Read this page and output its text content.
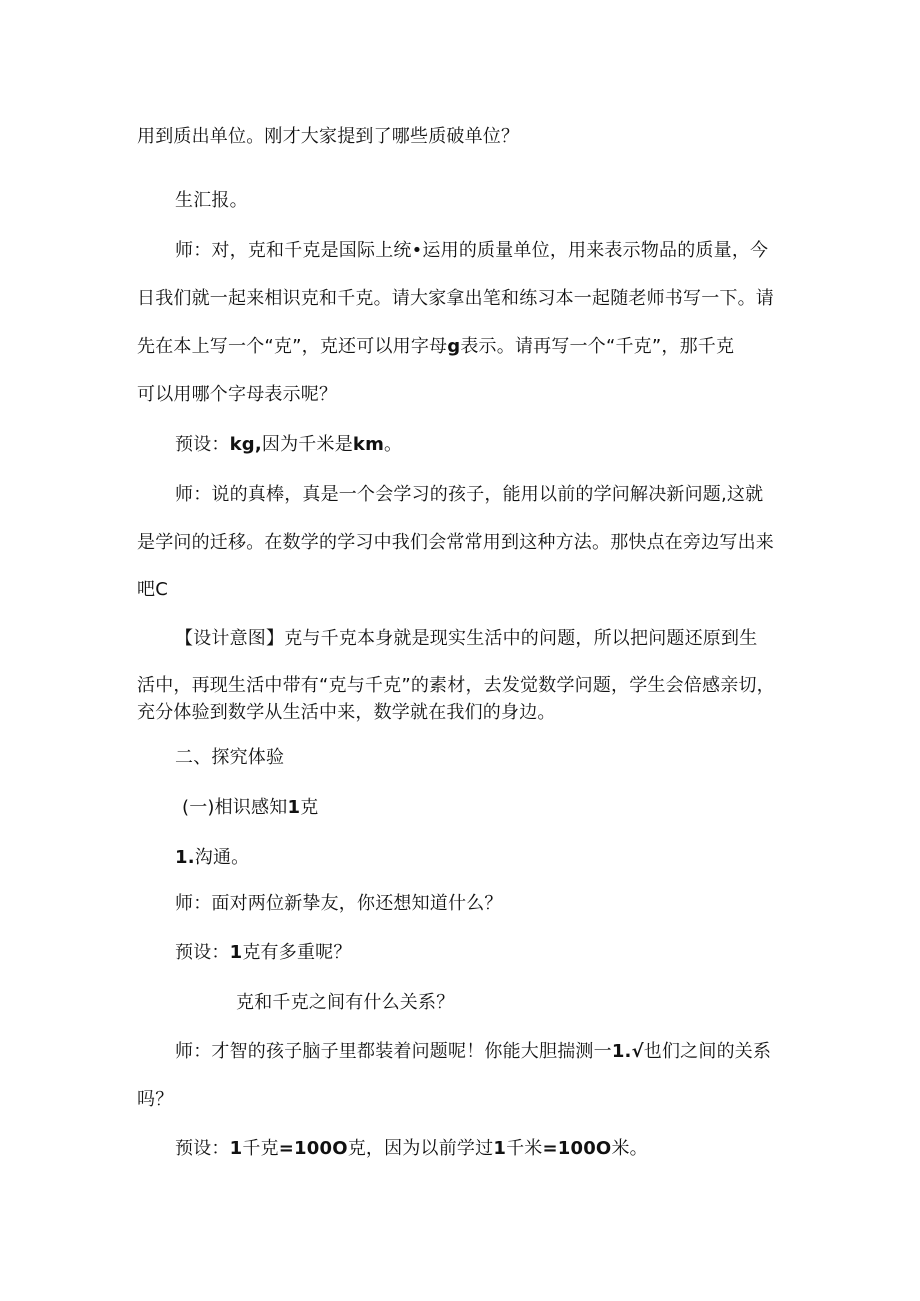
用到质出单位。刚才大家提到了哪些质破单位？
生汇报。
师：对，克和千克是国际上统•运用的质量单位，用来表示物品的质量，今
日我们就一起来相识克和千克。请大家拿出笔和练习本一起随老师书写一下。请
先在本上写一个“克”，克还可以用字母g表示。请再写一个“千克”，那千克
可以用哪个字母表示呢？
预设：kg,因为千米是km。
师：说的真棒，真是一个会学习的孩子，能用以前的学问解决新问题,这就
是学问的迁移。在数学的学习中我们会常常用到这种方法。那快点在旁边写出来
吧C
【设计意图】克与千克本身就是现实生活中的问题，所以把问题还原到生
活中，再现生活中带有“克与千克”的素材，去发觉数学问题，学生会倍感亲切，
充分体验到数学从生活中来，数学就在我们的身边。
二、探究体验
(一)相识感知1克
1.沟通。
师：面对两位新挚友，你还想知道什么？
预设：1克有多重呢？
克和千克之间有什么关系？
师：才智的孩子脑子里都装着问题呢！你能大胆揣测一1.√也们之间的关系
吗？
预设：1千克=100O克，因为以前学过1千米=100O米。
